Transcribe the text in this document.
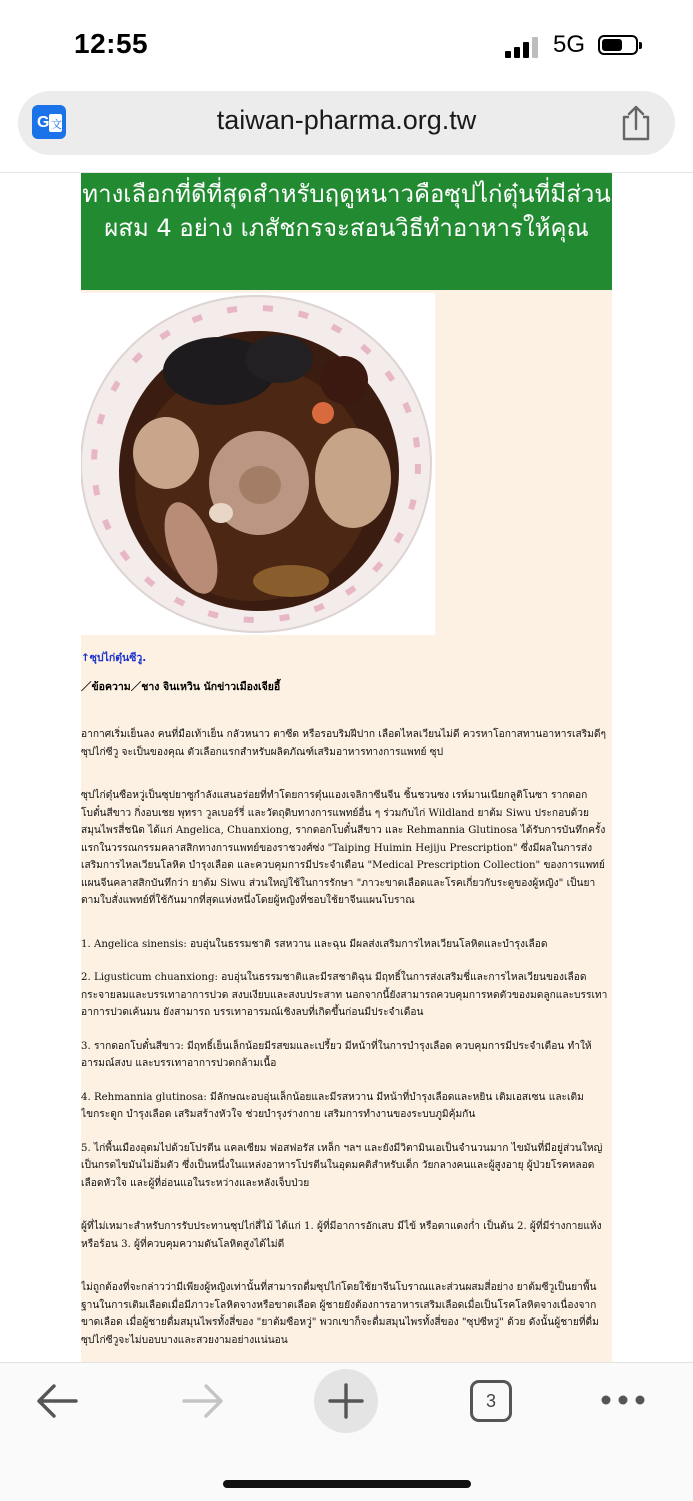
12:55	5G
G 文	taiwan-pharma.org.tw
ทางเลือกที่ดีที่สุดสำหรับฤดูหนาวคือซุปไก่ตุ๋นที่มีส่วนผสม 4 อย่าง เภสัชกรจะสอนวิธีทำอาหารให้คุณ
↑ซุปไก่ตุ๋นซีวู.
／ข้อความ／ชาง จินเหวิน นักข่าวเมืองเจียอี้

อากาศเริ่มเย็นลง คนที่มือเท้าเย็น กลัวหนาว ตาซีด หรือรอบริมฝีปาก เลือดไหลเวียนไม่ดี ควรหาโอกาสทานอาหารเสริมดีๆ ซุปไก่ซีวู จะเป็นของคุณ ตัวเลือกแรกสำหรับผลิตภัณฑ์เสริมอาหารทางการแพทย์ ซุป

ซุปไก่ตุ๋นซือหวู่เป็นซุปยาซูกำลังแสนอร่อยที่ทำโดยการตุ๋นแองเจลิกาซีนจีน ชิ้นชวนซง เรห์มานเนียกลูติโนซา รากดอกโบตั๋นสีขาว กิ่งอบเชย พุทรา วูลเบอร์รี่ และวัตถุดิบทางการแพทย์อื่น ๆ ร่วมกับไก่ Wildland ยาต้ม Siwu ประกอบด้วยสมุนไพรสี่ชนิด ได้แก่ Angelica, Chuanxiong, รากดอกโบตั๋นสีขาว และ Rehmannia Glutinosa ได้รับการบันทึกครั้งแรกในวรรณกรรมคลาสสิกทางการแพทย์ของราชวงศ์ซ่ง "Taiping Huimin Hejiju Prescription" ซึ่งมีผลในการส่งเสริมการไหลเวียนโลหิต บำรุงเลือด และควบคุมการมีประจำเดือน "Medical Prescription Collection" ของการแพทย์แผนจีนคลาสสิกบันทึกว่า ยาต้ม Siwu ส่วนใหญ่ใช้ในการรักษา "ภาวะขาดเลือดและโรคเกี่ยวกับระดูของผู้หญิง" เป็นยาตามใบสั่งแพทย์ที่ใช้กันมากที่สุดแห่งหนึ่งโดยผู้หญิงที่ชอบใช้ยาจีนแผนโบราณ

1. Angelica sinensis: อบอุ่นในธรรมชาติ รสหวาน และฉุน มีผลส่งเสริมการไหลเวียนโลหิตและบำรุงเลือด

2. Ligusticum chuanxiong: อบอุ่นในธรรมชาติและมีรสชาติฉุน มีฤทธิ์ในการส่งเสริมชี่และการไหลเวียนของเลือด กระจายลมและบรรเทาอาการปวด สงบเงียบและสงบประสาท นอกจากนี้ยังสามารถควบคุมการหดตัวของมดลูกและบรรเทาอาการปวดเค้นมน ยังสามารถ บรรเทาอารมณ์เชิงลบที่เกิดขึ้นก่อนมีประจำเดือน

3. รากดอกโบตั๋นสีขาว: มีฤทธิ์เย็นเล็กน้อยมีรสขมและเปรี้ยว มีหน้าที่ในการบำรุงเลือด ควบคุมการมีประจำเดือน ทำให้อารมณ์สงบ และบรรเทาอาการปวดกล้ามเนื้อ

4. Rehmannia glutinosa: มีลักษณะอบอุ่นเล็กน้อยและมีรสหวาน มีหน้าที่บำรุงเลือดและหยิน เติมเอสเซน และเติมไขกระดูก บำรุงเลือด เสริมสร้างหัวใจ ช่วยบำรุงร่างกาย เสริมการทำงานของระบบภูมิคุ้มกัน

5. ไก่พื้นเมืองอุดมไปด้วยโปรตีน แคลเซียม ฟอสฟอรัส เหล็ก ฯลฯ และยังมีวิตามินเอเป็นจำนวนมาก ไขมันที่มีอยู่ส่วนใหญ่เป็นกรดไขมันไม่อิ่มตัว ซึ่งเป็นหนึ่งในแหล่งอาหารโปรตีนในอุดมคติสำหรับเด็ก วัยกลางคนและผู้สูงอายุ ผู้ป่วยโรคหลอดเลือดหัวใจ และผู้ที่อ่อนแอในระหว่างและหลังเจ็บป่วย

ผู้ที่ไม่เหมาะสำหรับการรับประทานซุปไก่สี่ไม้ ได้แก่ 1. ผู้ที่มีอาการอักเสบ มีไข้ หรือตาแดงก่ำ เป็นต้น 2. ผู้ที่มีร่างกายแห้งหรือร้อน 3. ผู้ที่ควบคุมความดันโลหิตสูงได้ไม่ดี

ไม่ถูกต้องที่จะกล่าวว่ามีเพียงผู้หญิงเท่านั้นที่สามารถดื่มซุปไก่โดยใช้ยาจีนโบราณและส่วนผสมสี่อย่าง ยาต้มซีวูเป็นยาพื้นฐานในการเติมเลือดเมื่อมีภาวะโลหิตจางหรือขาดเลือด ผู้ชายยังต้องการอาหารเสริมเลือดเมื่อเป็นโรคโลหิตจางเนื่องจากขาดเลือด เมื่อผู้ชายดื่มสมุนไพรทั้งสี่ของ "ยาต้มซือหวู่" พวกเขาก็จะดื่มสมุนไพรทั้งสี่ของ "ซุปซีหวู่" ด้วย ดังนั้นผู้ชายที่ดื่มซุปไก่ซีวูจะไม่บอบบางและสวยงามอย่างแน่นอน

3
